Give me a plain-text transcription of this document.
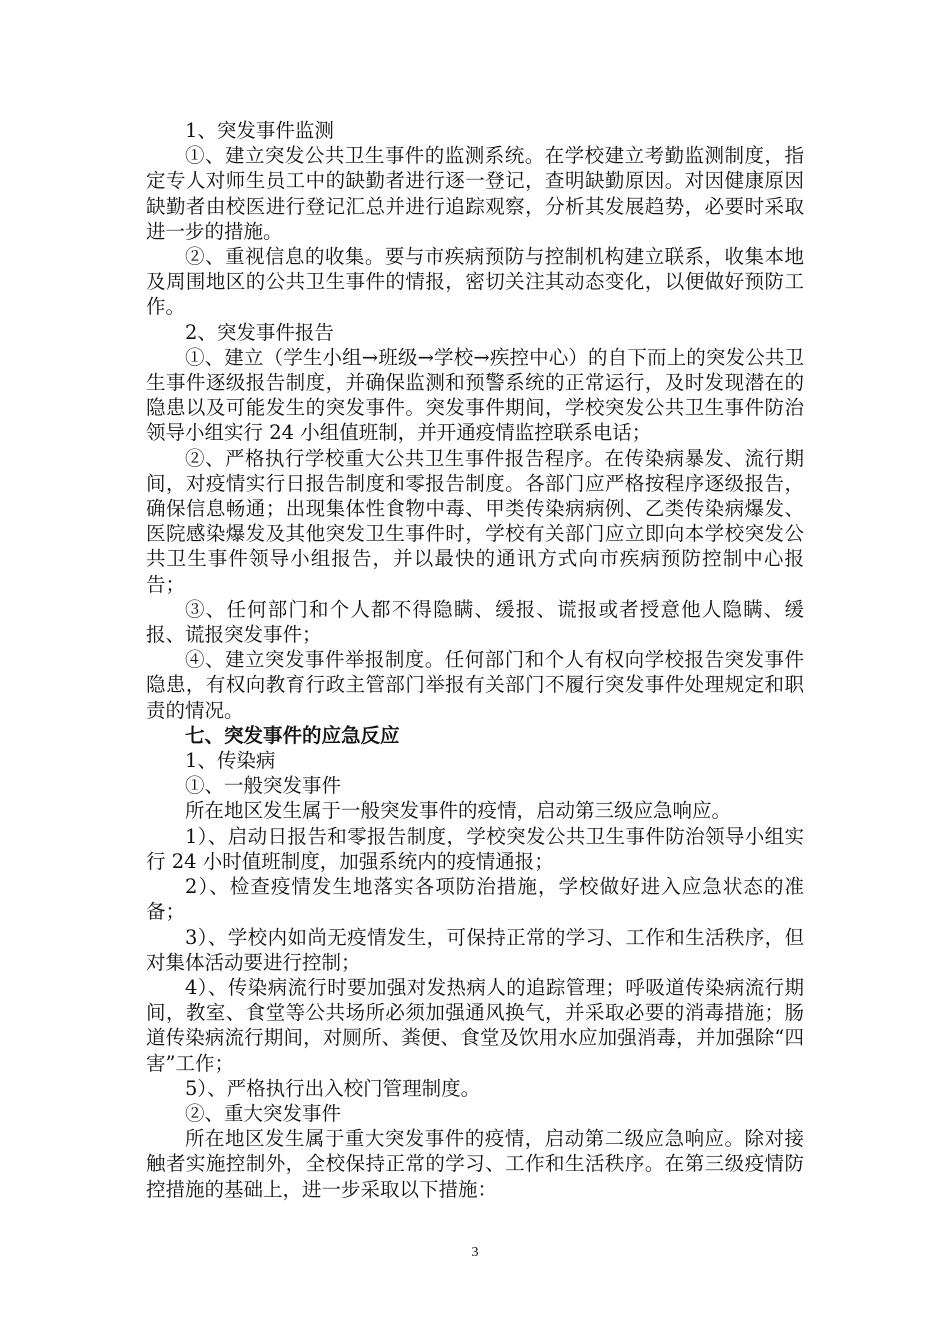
1、突发事件监测

①、建立突发公共卫生事件的监测系统。在学校建立考勤监测制度，指定专人对师生员工中的缺勤者进行逐一登记，查明缺勤原因。对因健康原因缺勤者由校医进行登记汇总并进行追踪观察，分析其发展趋势，必要时采取进一步的措施。

②、重视信息的收集。要与市疾病预防与控制机构建立联系，收集本地及周围地区的公共卫生事件的情报，密切关注其动态变化，以便做好预防工作。

2、突发事件报告

①、建立（学生小组→班级→学校→疾控中心）的自下而上的突发公共卫生事件逐级报告制度，并确保监测和预警系统的正常运行，及时发现潜在的隐患以及可能发生的突发事件。突发事件期间，学校突发公共卫生事件防治领导小组实行 24 小组值班制，并开通疫情监控联系电话；

②、严格执行学校重大公共卫生事件报告程序。在传染病暴发、流行期间，对疫情实行日报告制度和零报告制度。各部门应严格按程序逐级报告，确保信息畅通；出现集体性食物中毒、甲类传染病病例、乙类传染病爆发、医院感染爆发及其他突发卫生事件时，学校有关部门应立即向本学校突发公共卫生事件领导小组报告，并以最快的通讯方式向市疾病预防控制中心报告；

③、任何部门和个人都不得隐瞒、缓报、谎报或者授意他人隐瞒、缓报、谎报突发事件；

④、建立突发事件举报制度。任何部门和个人有权向学校报告突发事件隐患，有权向教育行政主管部门举报有关部门不履行突发事件处理规定和职责的情况。

七、突发事件的应急反应

1、传染病

①、一般突发事件

所在地区发生属于一般突发事件的疫情，启动第三级应急响应。

1）、启动日报告和零报告制度，学校突发公共卫生事件防治领导小组实行 24 小时值班制度，加强系统内的疫情通报；

2）、检查疫情发生地落实各项防治措施，学校做好进入应急状态的准备；

3）、学校内如尚无疫情发生，可保持正常的学习、工作和生活秩序，但对集体活动要进行控制；

4）、传染病流行时要加强对发热病人的追踪管理；呼吸道传染病流行期间，教室、食堂等公共场所必须加强通风换气，并采取必要的消毒措施；肠道传染病流行期间，对厕所、粪便、食堂及饮用水应加强消毒，并加强除“四害”工作；

5）、严格执行出入校门管理制度。

②、重大突发事件

所在地区发生属于重大突发事件的疫情，启动第二级应急响应。除对接触者实施控制外，全校保持正常的学习、工作和生活秩序。在第三级疫情防控措施的基础上，进一步采取以下措施：

3
